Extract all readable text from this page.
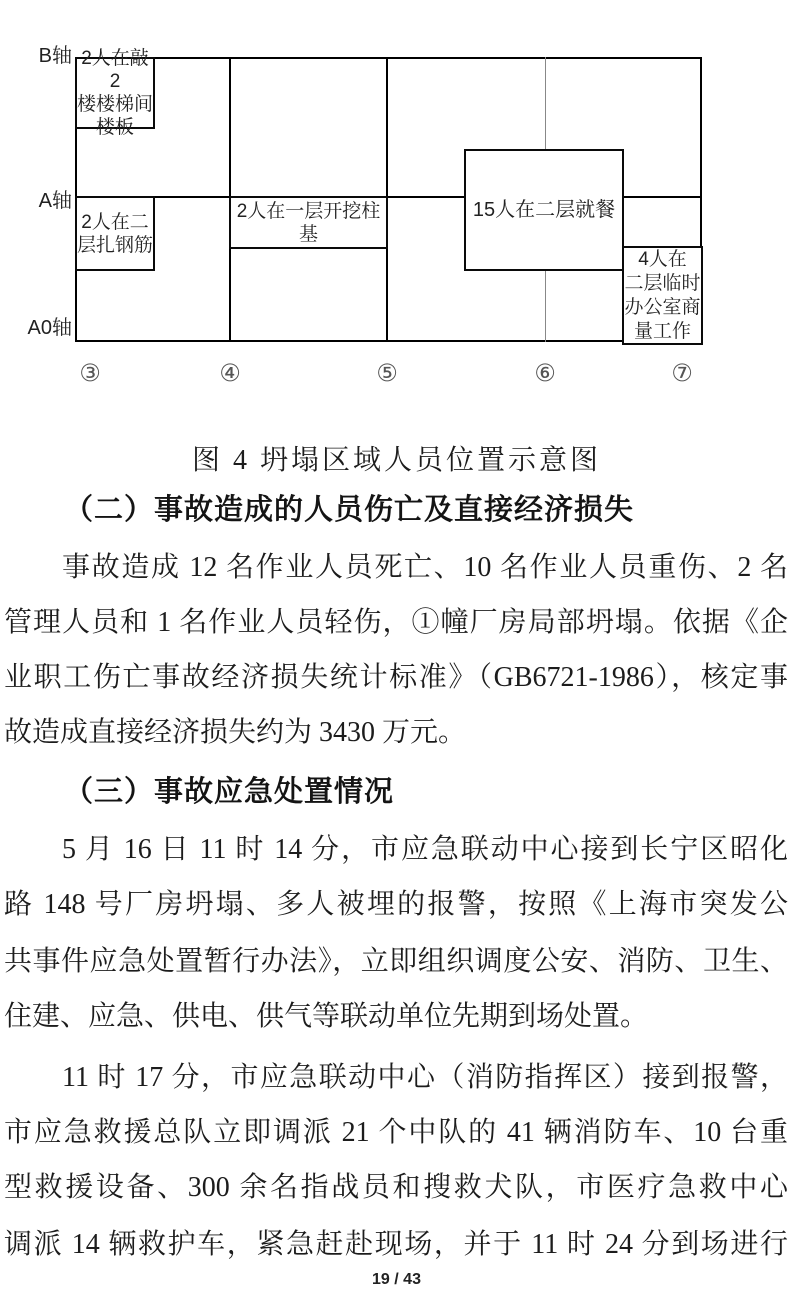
B轴
A轴
A0轴
2人在敲2
楼楼梯间
楼板
2人在二
层扎钢筋
2人在一层开挖柱基
15人在二层就餐
4人在
二层临时
办公室商
量工作
③	④	⑤	⑥	⑦
图 4 坍塌区域人员位置示意图
（二）事故造成的人员伤亡及直接经济损失
事故造成 12 名作业人员死亡、10 名作业人员重伤、2 名
管理人员和 1 名作业人员轻伤，①幢厂房局部坍塌。依据《企
业职工伤亡事故经济损失统计标准》（GB6721-1986），核定事
故造成直接经济损失约为 3430 万元。
（三）事故应急处置情况
5 月 16 日 11 时 14 分，市应急联动中心接到长宁区昭化
路 148 号厂房坍塌、多人被埋的报警，按照《上海市突发公
共事件应急处置暂行办法》，立即组织调度公安、消防、卫生、
住建、应急、供电、供气等联动单位先期到场处置。
11 时 17 分，市应急联动中心（消防指挥区）接到报警，
市应急救援总队立即调派 21 个中队的 41 辆消防车、10 台重
型救援设备、300 余名指战员和搜救犬队，市医疗急救中心
调派 14 辆救护车，紧急赶赴现场，并于 11 时 24 分到场进行
19 / 43
